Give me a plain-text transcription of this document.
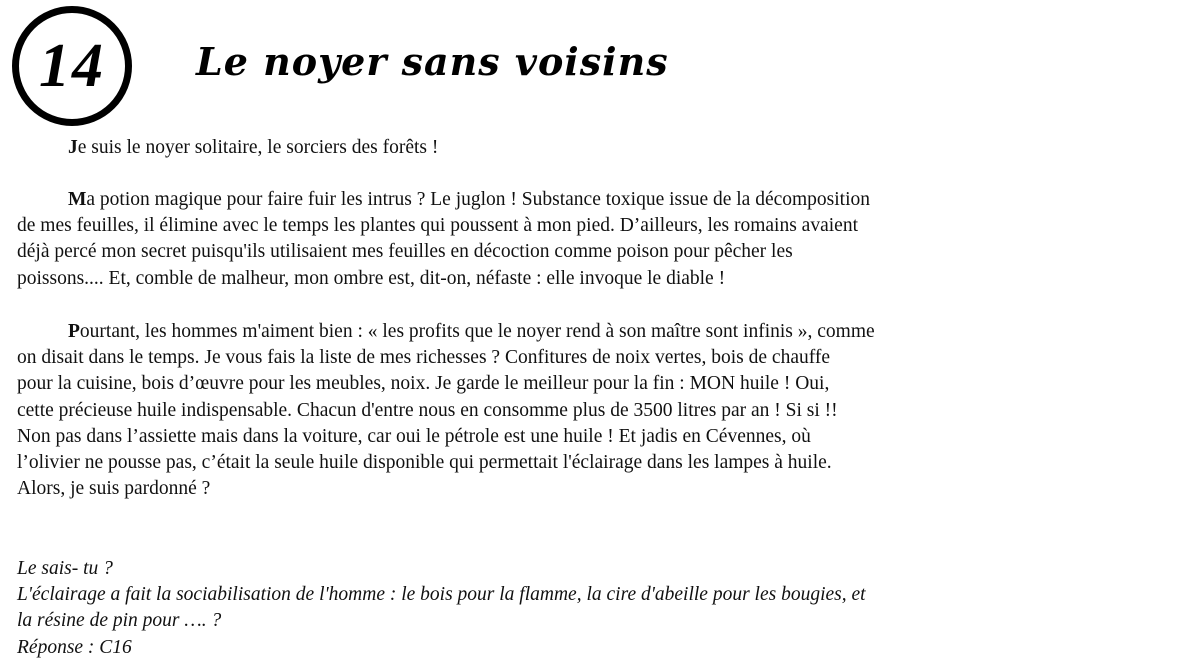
14 Le noyer sans voisins
Je suis le noyer solitaire, le sorciers des forêts !
Ma potion magique pour faire fuir les intrus ? Le juglon ! Substance toxique issue de la décomposition
de mes feuilles, il élimine avec le temps les plantes qui poussent à mon pied. D’ailleurs, les romains avaient
déjà percé mon secret puisqu'ils utilisaient mes feuilles en décoction comme poison pour pêcher les
poissons.... Et, comble de malheur, mon ombre est, dit-on, néfaste : elle invoque le diable !
Pourtant, les hommes m'aiment bien : « les profits que le noyer rend à son maître sont infinis », comme
on disait dans le temps. Je vous fais la liste de mes richesses ? Confitures de noix vertes, bois de chauffe
pour la cuisine, bois d’œuvre pour les meubles, noix. Je garde le meilleur pour la fin : MON huile ! Oui,
cette précieuse huile indispensable. Chacun d'entre nous en consomme plus de 3500 litres par an ! Si si !!
Non pas dans l’assiette mais dans la voiture, car oui le pétrole est une huile ! Et jadis en Cévennes, où
l’olivier ne pousse pas, c’était la seule huile disponible qui permettait l'éclairage dans les lampes à huile.
Alors, je suis pardonné ?
Le sais- tu ?
L'éclairage a fait la sociabilisation de l'homme : le bois pour la flamme, la cire d'abeille pour les bougies, et
la résine de pin pour …. ?
Réponse : C16
